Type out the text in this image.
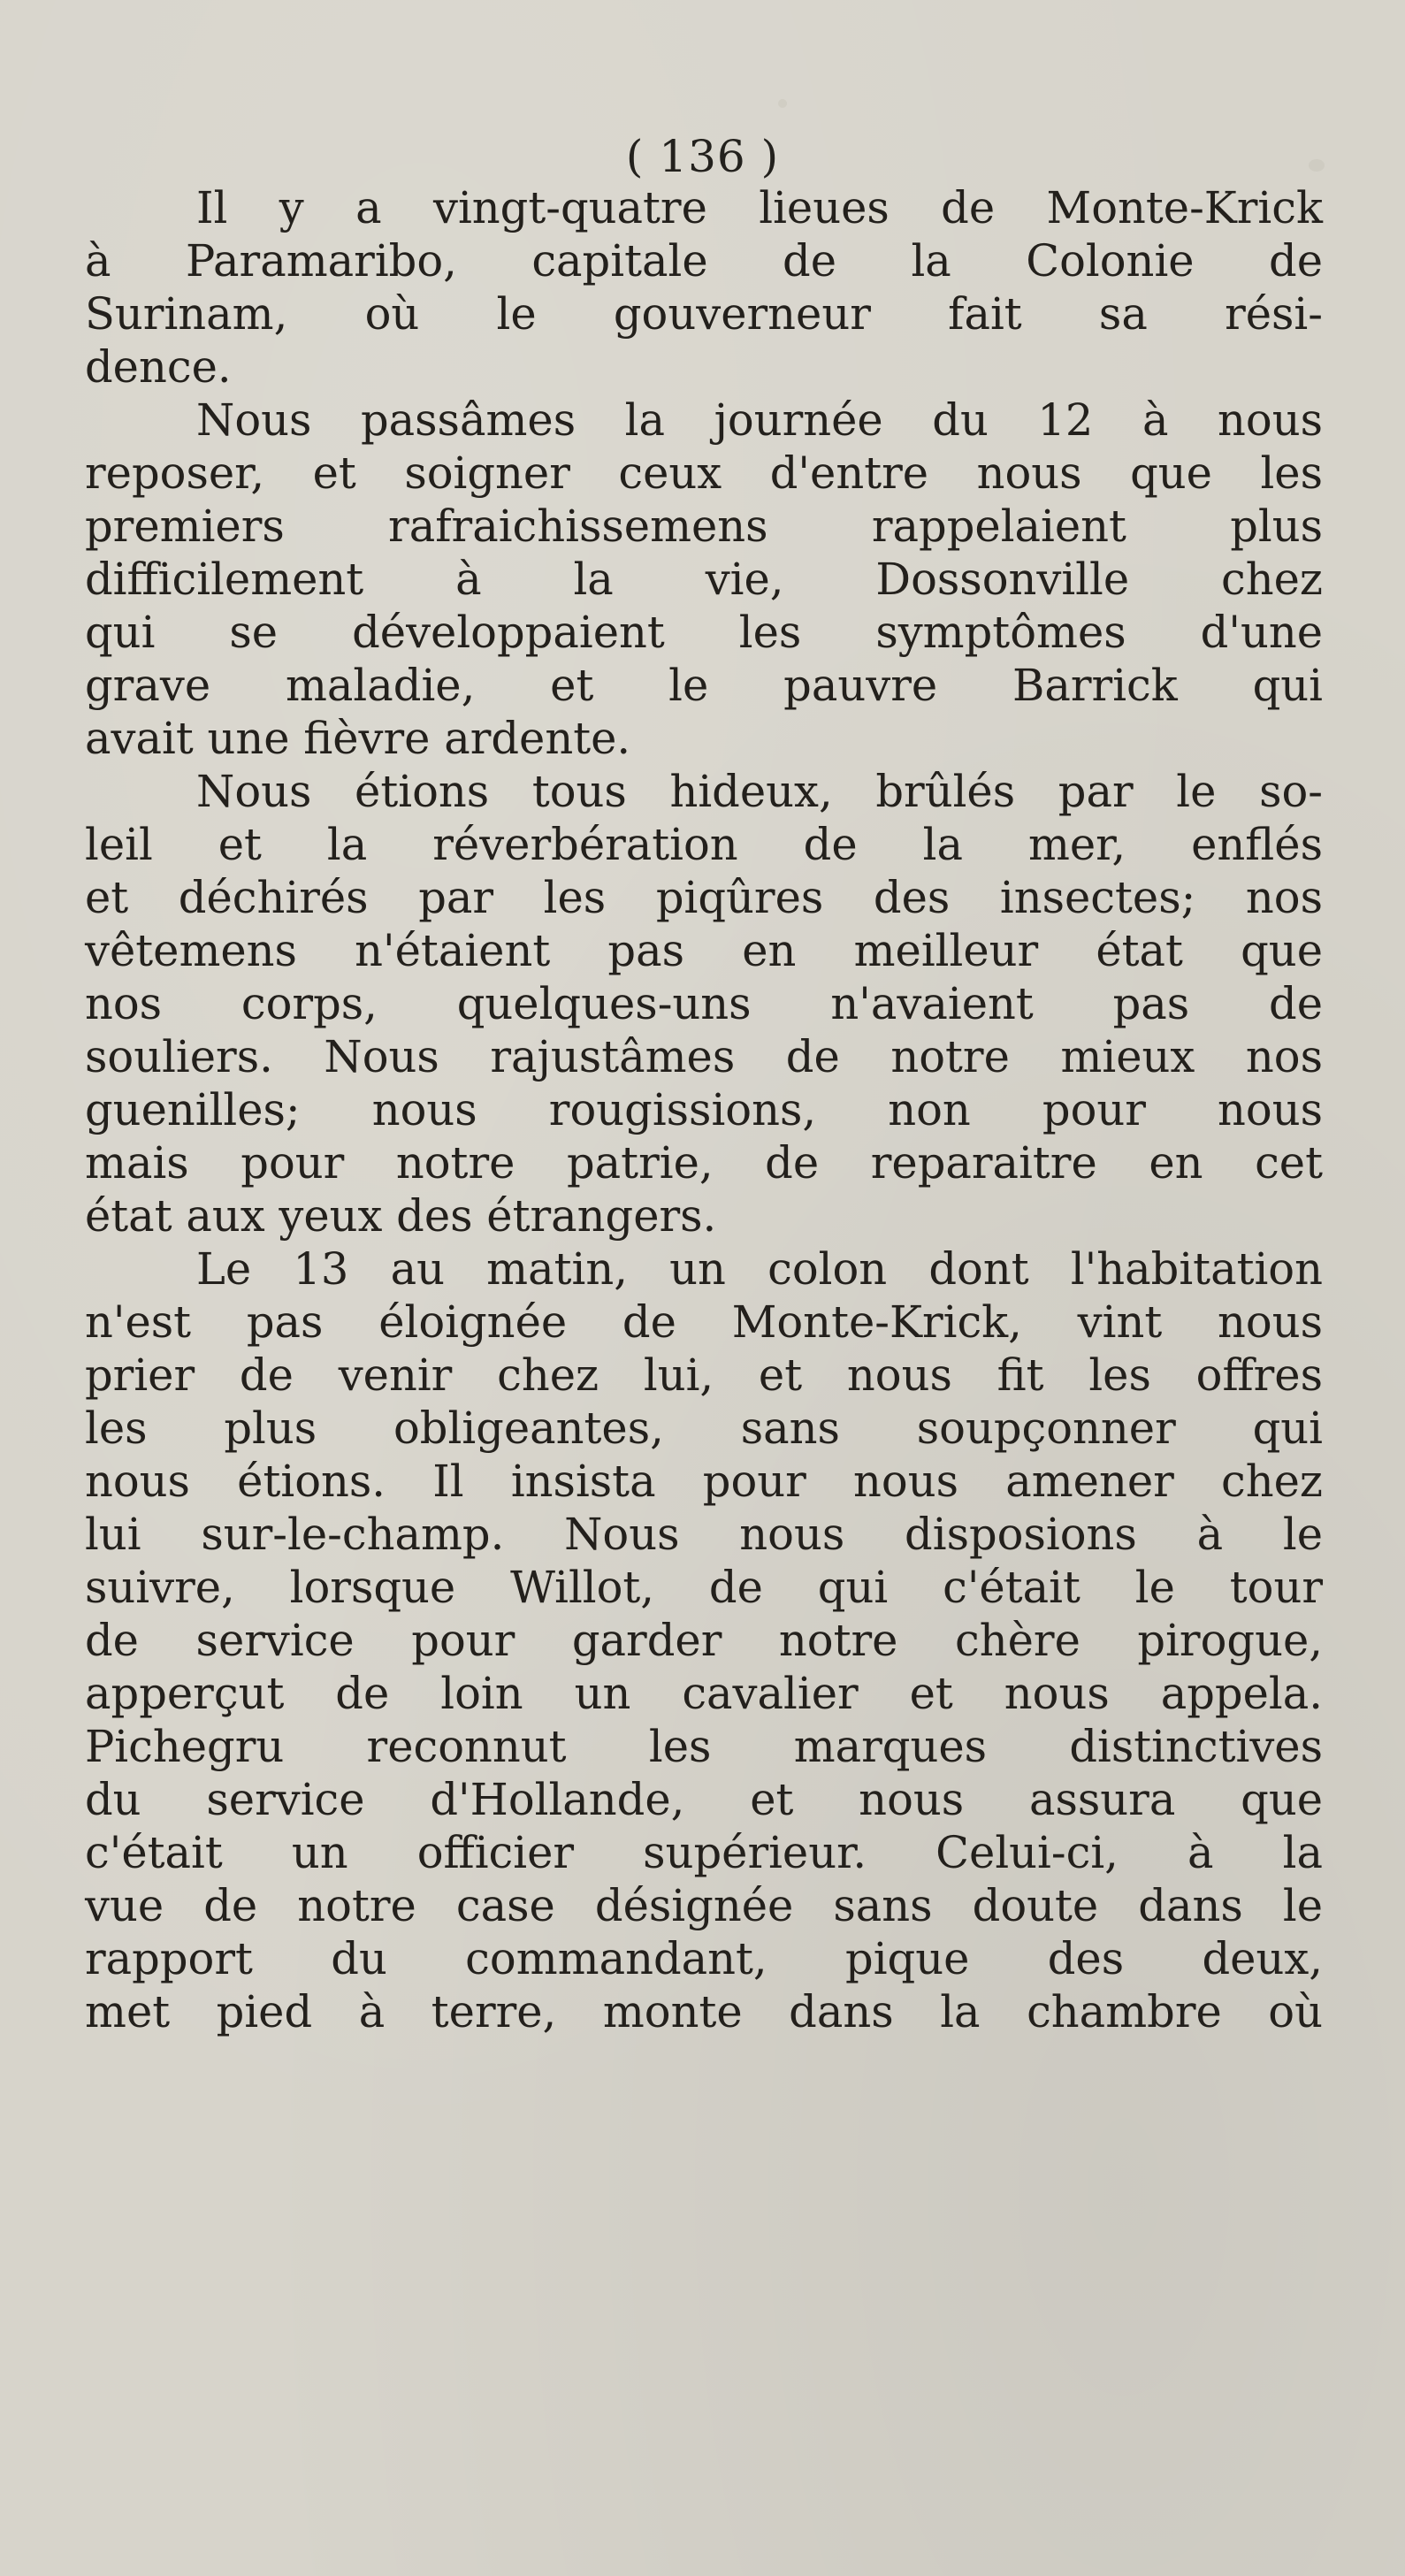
( 136 )
Il y a vingt-quatre lieues de Monte-Krick
à Paramaribo, capitale de la Colonie de
Surinam, où le gouverneur fait sa rési-
dence.
Nous passâmes la journée du 12 à nous
reposer, et soigner ceux d'entre nous que les
premiers rafraichissemens rappelaient plus
difficilement à la vie, Dossonville chez
qui se développaient les symptômes d'une
grave maladie, et le pauvre Barrick qui
avait une fièvre ardente.
Nous étions tous hideux, brûlés par le so-
leil et la réverbération de la mer, enflés
et déchirés par les piqûres des insectes; nos
vêtemens n'étaient pas en meilleur état que
nos corps, quelques-uns n'avaient pas de
souliers. Nous rajustâmes de notre mieux nos
guenilles; nous rougissions, non pour nous
mais pour notre patrie, de reparaitre en cet
état aux yeux des étrangers.
Le 13 au matin, un colon dont l'habitation
n'est pas éloignée de Monte-Krick, vint nous
prier de venir chez lui, et nous fit les offres
les plus obligeantes, sans soupçonner qui
nous étions. Il insista pour nous amener chez
lui sur-le-champ. Nous nous disposions à le
suivre, lorsque Willot, de qui c'était le tour
de service pour garder notre chère pirogue,
apperçut de loin un cavalier et nous appela.
Pichegru reconnut les marques distinctives
du service d'Hollande, et nous assura que
c'était un officier supérieur. Celui-ci, à la
vue de notre case désignée sans doute dans le
rapport du commandant, pique des deux,
met pied à terre, monte dans la chambre où
